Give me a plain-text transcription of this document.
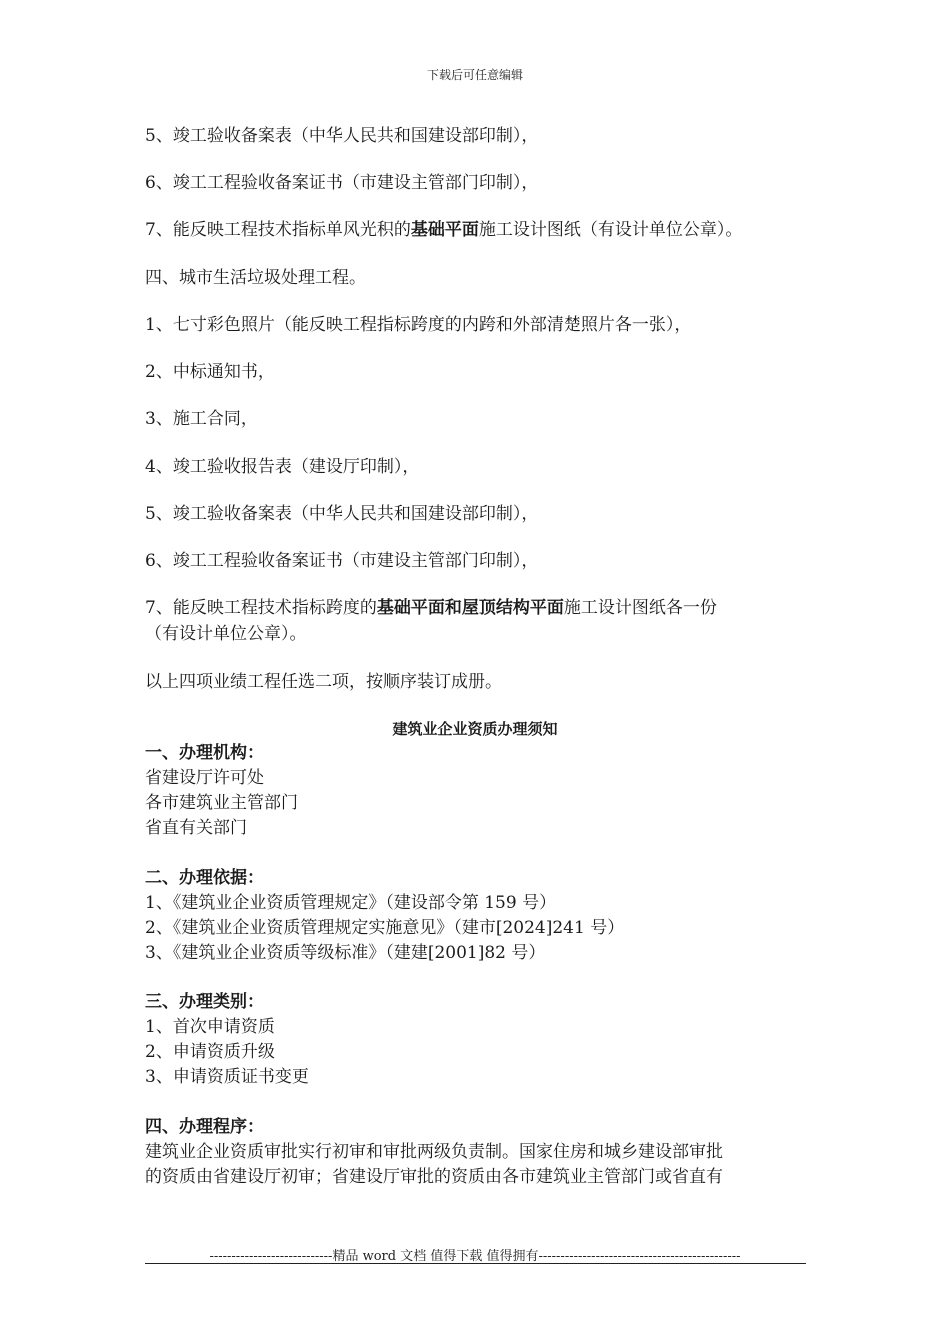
下载后可任意编辑
5、竣工验收备案表（中华人民共和国建设部印制），
6、竣工工程验收备案证书（市建设主管部门印制），
7、能反映工程技术指标单风光积的基础平面施工设计图纸（有设计单位公章）。
四、城市生活垃圾处理工程。
1、七寸彩色照片（能反映工程指标跨度的内跨和外部清楚照片各一张），
2、中标通知书，
3、施工合同，
4、竣工验收报告表（建设厅印制），
5、竣工验收备案表（中华人民共和国建设部印制），
6、竣工工程验收备案证书（市建设主管部门印制），
7、能反映工程技术指标跨度的基础平面和屋顶结构平面施工设计图纸各一份
（有设计单位公章）。
以上四项业绩工程任选二项，按顺序装订成册。
建筑业企业资质办理须知
一、办理机构：
省建设厅许可处
各市建筑业主管部门
省直有关部门
二、办理依据：
1、《建筑业企业资质管理规定》（建设部令第 159 号）
2、《建筑业企业资质管理规定实施意见》（建市[2024]241 号）
3、《建筑业企业资质等级标准》（建建[2001]82 号）
三、办理类别：
1、首次申请资质
2、申请资质升级
3、申请资质证书变更
四、办理程序：
建筑业企业资质审批实行初审和审批两级负责制。国家住房和城乡建设部审批
的资质由省建设厅初审；省建设厅审批的资质由各市建筑业主管部门或省直有
----------------------------精品 word 文档 值得下载 值得拥有----------------------------------------------
